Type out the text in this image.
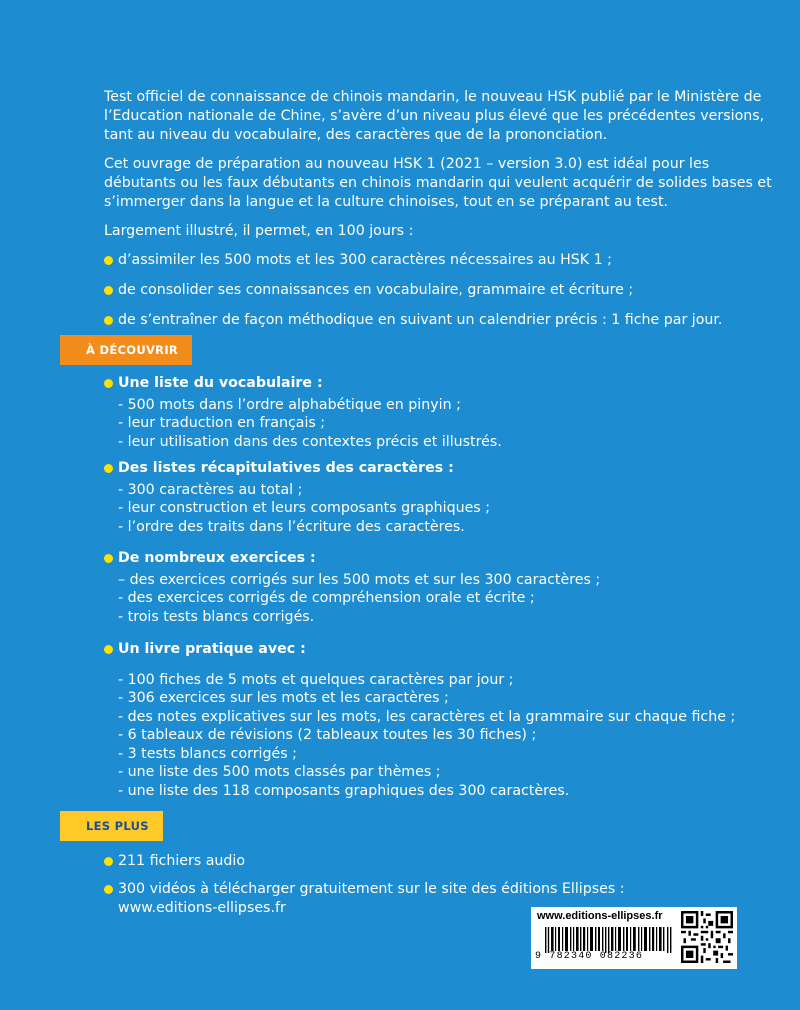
Test officiel de connaissance de chinois mandarin, le nouveau HSK publié par le Ministère de l’Education nationale de Chine, s’avère d’un niveau plus élevé que les précédentes versions, tant au niveau du vocabulaire, des caractères que de la prononciation.

Cet ouvrage de préparation au nouveau HSK 1 (2021 – version 3.0) est idéal pour les débutants ou les faux débutants en chinois mandarin qui veulent acquérir de solides bases et s’immerger dans la langue et la culture chinoises, tout en se préparant au test.

Largement illustré, il permet, en 100 jours :

d’assimiler les 500 mots et les 300 caractères nécessaires au HSK 1 ;
de consolider ses connaissances en vocabulaire, grammaire et écriture ;
de s’entraîner de façon méthodique en suivant un calendrier précis : 1 fiche par jour.
À DÉCOUVRIR
Une liste du vocabulaire :
- 500 mots dans l’ordre alphabétique en pinyin ;
- leur traduction en français ;
- leur utilisation dans des contextes précis et illustrés.
Des listes récapitulatives des caractères :
- 300 caractères au total ;
- leur construction et leurs composants graphiques ;
- l’ordre des traits dans l’écriture des caractères.
De nombreux exercices :
– des exercices corrigés sur les 500 mots et sur les 300 caractères ;
- des exercices corrigés de compréhension orale et écrite ;
- trois tests blancs corrigés.
Un livre pratique avec :
- 100 fiches de 5 mots et quelques caractères par jour ;
- 306 exercices sur les mots et les caractères ;
- des notes explicatives sur les mots, les caractères et la grammaire sur chaque fiche ;
- 6 tableaux de révisions (2 tableaux toutes les 30 fiches) ;
- 3 tests blancs corrigés ;
- une liste des 500 mots classés par thèmes ;
- une liste des 118 composants graphiques des 300 caractères.
LES PLUS
211 fichiers audio
300 vidéos à télécharger gratuitement sur le site des éditions Ellipses :
www.editions-ellipses.fr	www.editions-ellipses.fr
9 782340 082236
